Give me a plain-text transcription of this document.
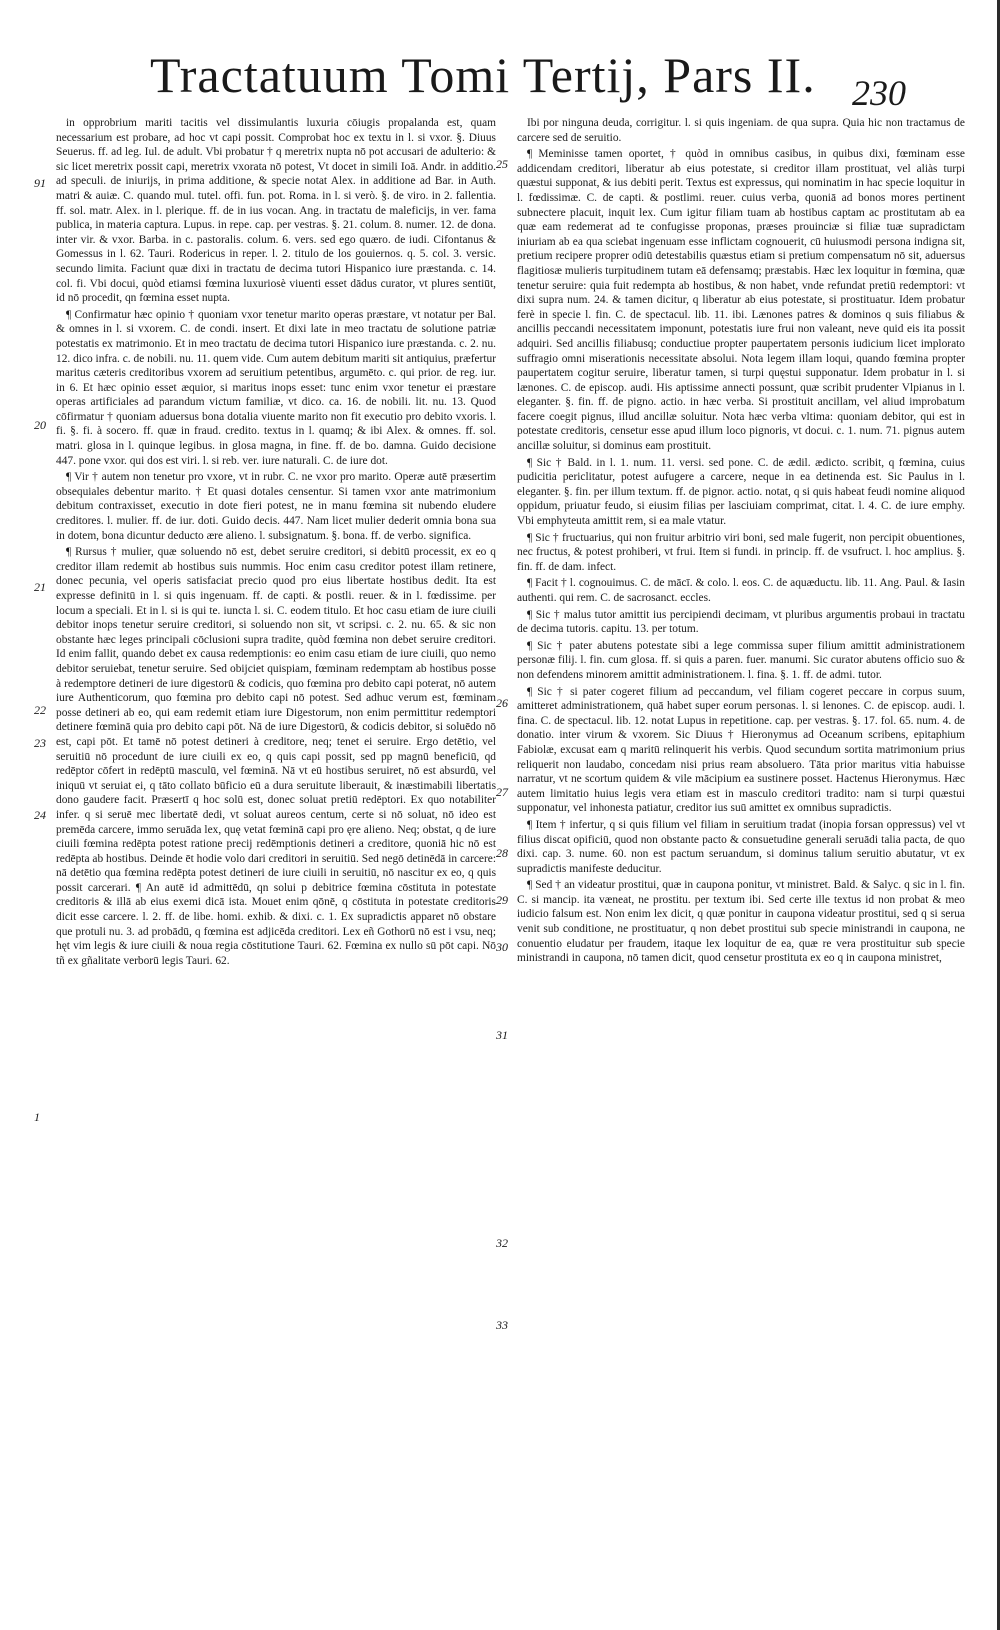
Tractatuum Tomi Tertij, Pars II. 230
91
20
21
22
23
24
1
25
26
27
28
29
30
31
32
33

in opprobrium mariti tacitis vel dissimulantis luxuria cōiugis propalanda est, quam necessarium est probare, ad hoc vt capi possit. Comprobat hoc ex textu in l. si vxor. §. Diuus Seuerus. ff. ad leg. Iul. de adult. Vbi probatur † q meretrix nupta nō pot accusari de adulterio: & sic licet meretrix possit capi, meretrix vxorata nō potest, Vt docet in simili Ioā. Andr. in additio. ad speculi. de iniurijs, in prima additione, & specie notat Alex. in additione ad Bar. in Auth. matri & auiæ. C. quando mul. tutel. offi. fun. pot. Roma. in l. si verò. §. de viro. in 2. fallentia. ff. sol. matr. Alex. in l. plerique. ff. de in ius vocan. Ang. in tractatu de maleficijs, in ver. fama publica, in materia captura. Lupus. in repe. cap. per vestras. §. 21. colum. 8. numer. 12. de dona. inter vir. & vxor. Barba. in c. pastoralis. colum. 6. vers. sed ego quæro. de iudi. Cifontanus & Gomessus in l. 62. Tauri. Rodericus in reper. l. 2. titulo de los gouiernos. q. 5. col. 3. versic. secundo limita. Faciunt quæ dixi in tractatu de decima tutori Hispanico iure præstanda. c. 14. col. fi. Vbi docui, quòd etiamsi fœmina luxuriosè viuenti esset dādus curator, vt plures sentiūt, id nō procedit, qn fœmina esset nupta.

¶ Confirmatur hæc opinio † quoniam vxor tenetur marito operas præstare, vt notatur per Bal. & omnes in l. si vxorem. C. de condi. insert. Et dixi late in meo tractatu de solutione patriæ potestatis ex matrimonio. Et in meo tractatu de decima tutori Hispanico iure præstanda. c. 2. nu. 12. dico infra. c. de nobili. nu. 11. quem vide. Cum autem debitum mariti sit antiquius, præfertur maritus cæteris creditoribus vxorem ad seruitium petentibus, argumēto. c. qui prior. de reg. iur. in 6. Et hæc opinio esset æquior, si maritus inops esset: tunc enim vxor tenetur ei præstare operas artificiales ad parandum victum familiæ, vt dico. ca. 16. de nobili. lit. nu. 13. Quod cōfirmatur † quoniam aduersus bona dotalia viuente marito non fit executio pro debito vxoris. l. fi. §. fi. à socero. ff. quæ in fraud. credito. textus in l. quamq; & ibi Alex. & omnes. ff. sol. matri. glosa in l. quinque legibus. in glosa magna, in fine. ff. de bo. damna. Guido decisione 447. pone vxor. qui dos est viri. l. si reb. ver. iure naturali. C. de iure dot.

¶ Vir † autem non tenetur pro vxore, vt in rubr. C. ne vxor pro marito. Operæ autē præsertim obsequiales debentur marito. † Et quasi dotales censentur. Si tamen vxor ante matrimonium debitum contraxisset, executio in dote fieri potest, ne in manu fœmina sit nubendo eludere creditores. l. mulier. ff. de iur. doti. Guido decis. 447. Nam licet mulier dederit omnia bona sua in dotem, bona dicuntur deducto ære alieno. l. subsignatum. §. bona. ff. de verbo. significa.

¶ Rursus † mulier, quæ soluendo nō est, debet seruire creditori, si debitū processit, ex eo q creditor illam redemit ab hostibus suis nummis. Hoc enim casu creditor potest illam retinere, donec pecunia, vel operis satisfaciat precio quod pro eius libertate hostibus dedit. Ita est expresse definitū in l. si quis ingenuam. ff. de capti. & postli. reuer. & in l. fœdissime. per locum a speciali. Et in l. si is qui te. iuncta l. si. C. eodem titulo. Et hoc casu etiam de iure ciuili debitor inops tenetur seruire creditori, si soluendo non sit, vt scripsi. c. 2. nu. 65. & sic non obstante hæc leges principali cōclusioni supra tradite, quòd fœmina non debet seruire creditori. Id enim fallit, quando debet ex causa redemptionis: eo enim casu etiam de iure ciuili, quo nemo debitor seruiebat, tenetur seruire. Sed obijciet quispiam, fœminam redemptam ab hostibus posse à redemptore detineri de iure digestorū & codicis, quo fœmina pro debito capi poterat, nō autem iure Authenticorum, quo fœmina pro debito capi nō potest. Sed adhuc verum est, fœminam posse detineri ab eo, qui eam redemit etiam iure Digestorum, non enim permittitur redemptori detinere fœminā quia pro debito capi pōt. Nā de iure Digestorū, & codicis debitor, si soluēdo nō est, capi pōt. Et tamē nō potest detineri à creditore, neq; tenet ei seruire. Ergo detētio, vel seruitiū nō procedunt de iure ciuili ex eo, q quis capi possit, sed pp magnū beneficiū, qd redēptor cōfert in redēptū masculū, vel fœminā. Nā vt eū hostibus seruiret, nō est absurdū, vel iniquū vt seruiat ei, q tāto collato būficio eū a dura seruitute liberauit, & inæstimabili libertatis dono gaudere facit. Præsertī q hoc solū est, donec soluat pretiū redēptori. Ex quo notabiliter infer. q si seruē mec libertatē dedi, vt soluat aureos centum, certe si nō soluat, nō ideo est premēda carcere, immo seruāda lex, quę vetat fœminā capi pro ęre alieno. Neq; obstat, q de iure ciuili fœmina redēpta potest ratione precij redēmptionis detineri a creditore, quoniā hic nō est redēpta ab hostibus. Deinde ēt hodie volo dari creditori in seruitiū. Sed negō detinēdā in carcere: nā detētio qua fœmina redēpta potest detineri de iure ciuili in seruitiū, nō nascitur ex eo, q quis possit carcerari. ¶ An autē id admittēdū, qn solui p debitrice fœmina cōstituta in potestate creditoris & illā ab eius exemi dicā ista. Mouet enim qōnē, q cōstituta in potestate creditoris dicit esse carcere. l. 2. ff. de libe. homi. exhib. & dixi. c. 1. Ex supradictis apparet nō obstare que protuli nu. 3. ad probādū, q fœmina est adjicēda creditori. Lex eñ Gothorū nō est i vsu, neq; hęt vim legis & iure ciuili & noua regia cōstitutione Tauri. 62. Fœmina ex nullo sū pōt capi. Nō tñ ex gñalitate verborū legis Tauri. 62.

Ibi por ninguna deuda, corrigitur. l. si quis ingeniam. de qua supra. Quia hic non tractamus de carcere sed de seruitio.

¶ Meminisse tamen oportet, † quòd in omnibus casibus, in quibus dixi, fœminam esse addicendam creditori, liberatur ab eius potestate, si creditor illam prostituat, vel aliàs turpi quæstui supponat, & ius debiti perit. Textus est expressus, qui nominatim in hac specie loquitur in l. fœdissimæ. C. de capti. & postlimi. reuer. cuius verba, quoniā ad bonos mores pertinent subnectere placuit, inquit lex. Cum igitur filiam tuam ab hostibus captam ac prostitutam ab ea quæ eam redemerat ad te confugisse proponas, præses prouinciæ si filiæ tuæ supradictam iniuriam ab ea qua sciebat ingenuam esse inflictam cognouerit, cū huiusmodi persona indigna sit, pretium recipere proprer odiū detestabilis quæstus etiam si pretium compensatum nō sit, aduersus flagitiosæ mulieris turpitudinem tutam eā defensamq; præstabis. Hæc lex loquitur in fœmina, quæ tenetur seruire: quia fuit redempta ab hostibus, & non habet, vnde refundat pretiū redemptori: vt dixi supra num. 24. & tamen dicitur, q liberatur ab eius potestate, si prostituatur. Idem probatur ferè in specie l. fin. C. de spectacul. lib. 11. ibi. Lænones patres & dominos q suis filiabus & ancillis peccandi necessitatem imponunt, potestatis iure frui non valeant, neve quid eis ita possit adquiri. Sed ancillis filiabusq; conductiue propter paupertatem personis iudicium licet implorato suffragio omni miserationis necessitate absolui. Nota legem illam loqui, quando fœmina propter paupertatem cogitur seruire, liberatur tamen, si turpi quęstui supponatur. Idem probatur in l. si lænones. C. de episcop. audi. His aptissime annecti possunt, quæ scribit prudenter Vlpianus in l. eleganter. §. fin. ff. de pigno. actio. in hæc verba. Si prostituit ancillam, vel aliud improbatum facere coegit pignus, illud ancillæ soluitur. Nota hæc verba vltima: quoniam debitor, qui est in potestate creditoris, censetur esse apud illum loco pignoris, vt docui. c. 1. num. 71. pignus autem ancillæ soluitur, si dominus eam prostituit.

¶ Sic † Bald. in l. 1. num. 11. versi. sed pone. C. de ædil. ædicto. scribit, q fœmina, cuius pudicitia periclitatur, potest aufugere a carcere, neque in ea detinenda est. Sic Paulus in l. eleganter. §. fin. per illum textum. ff. de pignor. actio. notat, q si quis habeat feudi nomine aliquod oppidum, priuatur feudo, si eiusim filias per lasciuiam comprimat, citat. l. 4. C. de iure emphy. Vbi emphyteuta amittit rem, si ea male vtatur.

¶ Sic † fructuarius, qui non fruitur arbitrio viri boni, sed male fugerit, non percipit obuentiones, nec fructus, & potest prohiberi, vt frui. Item si fundi. in princip. ff. de vsufruct. l. hoc amplius. §. fin. ff. de dam. infect.

¶ Facit † l. cognouimus. C. de mācī. & colo. l. eos. C. de aquæductu. lib. 11. Ang. Paul. & Iasin authenti. qui rem. C. de sacrosanct. eccles.

¶ Sic † malus tutor amittit ius percipiendi decimam, vt pluribus argumentis probaui in tractatu de decima tutoris. capitu. 13. per totum.

¶ Sic † pater abutens potestate sibi a lege commissa super filium amittit administrationem personæ filij. l. fin. cum glosa. ff. si quis a paren. fuer. manumi. Sic curator abutens officio suo & non defendens minorem amittit administrationem. l. fina. §. 1. ff. de admi. tutor.

¶ Sic † si pater cogeret filium ad peccandum, vel filiam cogeret peccare in corpus suum, amitteret administrationem, quā habet super eorum personas. l. si lenones. C. de episcop. audi. l. fina. C. de spectacul. lib. 12. notat Lupus in repetitione. cap. per vestras. §. 17. fol. 65. num. 4. de donatio. inter virum & vxorem. Sic Diuus † Hieronymus ad Oceanum scribens, epitaphium Fabiolæ, excusat eam q maritū relinquerit his verbis. Quod secundum sortita matrimonium prius reliquerit non laudabo, concedam nisi prius ream absoluero. Tāta prior maritus vitia habuisse narratur, vt ne scortum quidem & vile mācipium ea sustinere posset. Hactenus Hieronymus. Hæc autem limitatio huius legis vera etiam est in masculo creditori tradito: nam si turpi quæstui supponatur, vel inhonesta patiatur, creditor ius suū amittet ex omnibus supradictis.

¶ Item † infertur, q si quis filium vel filiam in seruitium tradat (inopia forsan oppressus) vel vt filius discat opificiū, quod non obstante pacto & consuetudine generali seruādi talia pacta, de quo dixi. cap. 3. nume. 60. non est pactum seruandum, si dominus talium seruitio abutatur, vt ex supradictis manifeste deducitur.

¶ Sed † an videatur prostitui, quæ in caupona ponitur, vt ministret. Bald. & Salyc. q sic in l. fin. C. si mancip. ita væneat, ne prostitu. per textum ibi. Sed certe ille textus id non probat & meo iudicio falsum est. Non enim lex dicit, q quæ ponitur in caupona videatur prostitui, sed q si serua venit sub conditione, ne prostituatur, q non debet prostitui sub specie ministrandi in caupona, ne conuentio eludatur per fraudem, itaque lex loquitur de ea, quæ re vera prostituitur sub specie ministrandi in caupona, nō tamen dicit, quod censetur prostituta ex eo q in caupona ministret,
